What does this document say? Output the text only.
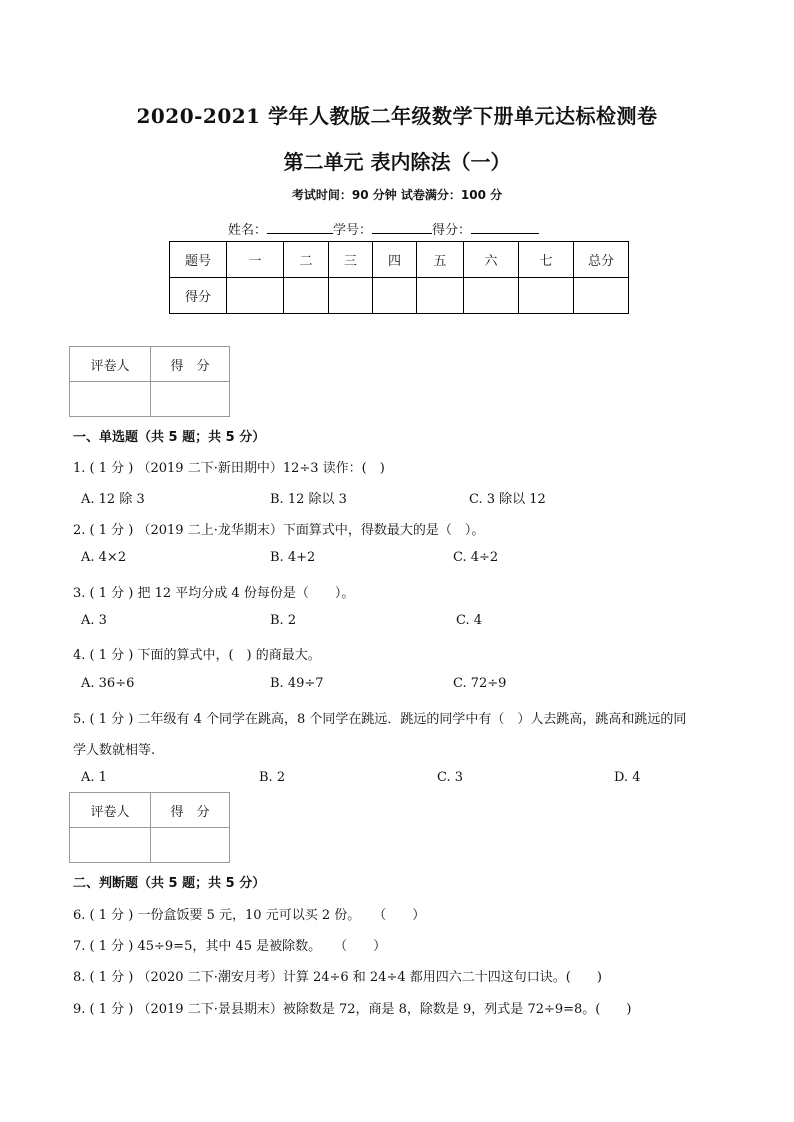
2020-2021 学年人教版二年级数学下册单元达标检测卷
第二单元 表内除法（一）
考试时间：90 分钟 试卷满分：100 分
姓名：	学号：	得分：
题号	一	二	三	四	五	六	七	总分
得分								
评卷人	得　分

一、单选题（共 5 题；共 5 分）
1. ( 1 分 ) （2019 二下·新田期中）12÷3 读作：(　)
A. 12 除 3	B. 12 除以 3	C. 3 除以 12
2. ( 1 分 ) （2019 二上·龙华期末）下面算式中，得数最大的是（　）。
A. 4×2	B. 4+2	C. 4÷2
3. ( 1 分 ) 把 12 平均分成 4 份每份是（　　）。
A. 3	B. 2	C. 4
4. ( 1 分 ) 下面的算式中，(　) 的商最大。
A. 36÷6	B. 49÷7	C. 72÷9
5. ( 1 分 ) 二年级有 4 个同学在跳高，8 个同学在跳远．跳远的同学中有（　）人去跳高，跳高和跳远的同
学人数就相等.
A. 1	B. 2	C. 3	D. 4
评卷人	得　分

二、判断题（共 5 题；共 5 分）
6. ( 1 分 ) 一份盒饭要 5 元，10 元可以买 2 份。　　（　　）
7. ( 1 分 ) 45÷9=5，其中 45 是被除数。　　（　　）
8. ( 1 分 ) （2020 二下·潮安月考）计算 24÷6 和 24÷4 都用四六二十四这句口诀。(　　)
9. ( 1 分 ) （2019 二下·景县期末）被除数是 72，商是 8，除数是 9，列式是 72÷9=8。(　　)
